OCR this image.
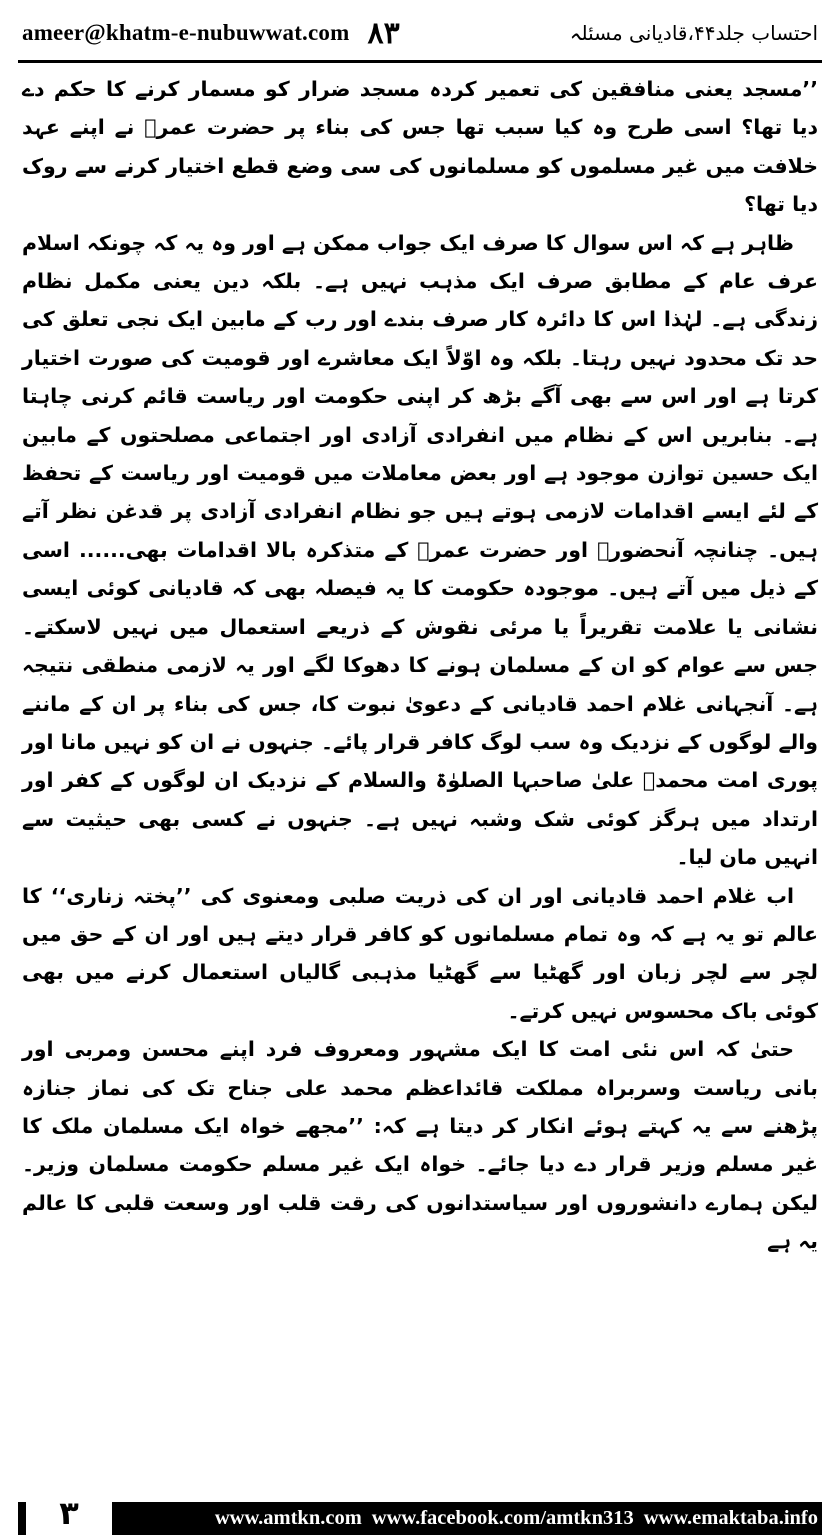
ameer@khatm-e-nubuwwat.com ۸۳	احتساب جلد۴۴،قادیانی مسئلہ

’’مسجد یعنی منافقین کی تعمیر کردہ مسجد ضرار کو مسمار کرنے کا حکم دے دیا تھا؟ اسی طرح وہ کیا سبب تھا جس کی بناء پر حضرت عمرؓ نے اپنے عہد خلافت میں غیر مسلموں کو مسلمانوں کی سی وضع قطع اختیار کرنے سے روک دیا تھا؟

ظاہر ہے کہ اس سوال کا صرف ایک جواب ممکن ہے اور وہ یہ کہ چونکہ اسلام عرف عام کے مطابق صرف ایک مذہب نہیں ہے۔ بلکہ دین یعنی مکمل نظام زندگی ہے۔ لہٰذا اس کا دائرہ کار صرف بندے اور رب کے مابین ایک نجی تعلق کی حد تک محدود نہیں رہتا۔ بلکہ وہ اوّلاً ایک معاشرے اور قومیت کی صورت اختیار کرتا ہے اور اس سے بھی آگے بڑھ کر اپنی حکومت اور ریاست قائم کرنی چاہتا ہے۔ بنابریں اس کے نظام میں انفرادی آزادی اور اجتماعی مصلحتوں کے مابین ایک حسین توازن موجود ہے اور بعض معاملات میں قومیت اور ریاست کے تحفظ کے لئے ایسے اقدامات لازمی ہوتے ہیں جو نظام انفرادی آزادی پر قدغن نظر آتے ہیں۔ چنانچہ آنحضورﷺ اور حضرت عمرؓ کے متذکرہ بالا اقدامات بھی...... اسی کے ذیل میں آتے ہیں۔ موجودہ حکومت کا یہ فیصلہ بھی کہ قادیانی کوئی ایسی نشانی یا علامت تقریراً یا مرئی نقوش کے ذریعے استعمال میں نہیں لاسکتے۔ جس سے عوام کو ان کے مسلمان ہونے کا دھوکا لگے اور یہ لازمی منطقی نتیجہ ہے۔ آنجہانی غلام احمد قادیانی کے دعویٰ نبوت کا، جس کی بناء پر ان کے ماننے والے لوگوں کے نزدیک وہ سب لوگ کافر قرار پائے۔ جنہوں نے ان کو نہیں مانا اور پوری امت محمدؐ علیٰ صاحبہا الصلوٰۃ والسلام کے نزدیک ان لوگوں کے کفر اور ارتداد میں ہرگز کوئی شک وشبہ نہیں ہے۔ جنہوں نے کسی بھی حیثیت سے انہیں مان لیا۔

اب غلام احمد قادیانی اور ان کی ذریت صلبی ومعنوی کی ’’پختہ زناری‘‘ کا عالم تو یہ ہے کہ وہ تمام مسلمانوں کو کافر قرار دیتے ہیں اور ان کے حق میں لچر سے لچر زبان اور گھٹیا سے گھٹیا مذہبی گالیاں استعمال کرنے میں بھی کوئی باک محسوس نہیں کرتے۔

حتیٰ کہ اس نئی امت کا ایک مشہور ومعروف فرد اپنے محسن ومربی اور بانی ریاست وسربراہ مملکت قائداعظم محمد علی جناح تک کی نماز جنازہ پڑھنے سے یہ کہتے ہوئے انکار کر دیتا ہے کہ: ’’مجھے خواہ ایک مسلمان ملک کا غیر مسلم وزیر قرار دے دیا جائے۔ خواہ ایک غیر مسلم حکومت مسلمان وزیر۔ لیکن ہمارے دانشوروں اور سیاستدانوں کی رقت قلب اور وسعت قلبی کا عالم یہ ہے

۳	www.amtkn.com www.facebook.com/amtkn313 www.emaktaba.info
